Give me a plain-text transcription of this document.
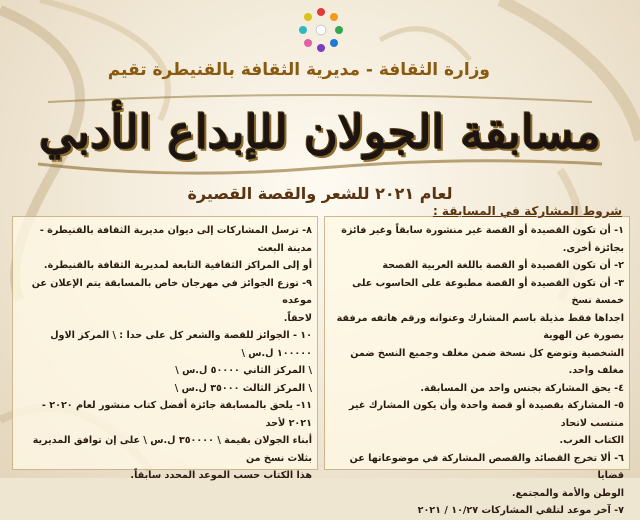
وزارة الثقافة - مديرية الثقافة بالقنيطرة تقيم
مسابقة الجولان للإبداع الأدبي
لعام ٢٠٢١ للشعر والقصة القصيرة
شروط المشاركة في المسابقة :

١- أن تكون القصيدة أو القصة غير منشورة سابقاً وغير فائزة بجائزة أخرى.

٢- أن تكون القصيدة أو القصة باللغة العربية الفصحة

٣- أن تكون القصيدة أو القصة مطبوعة على الحاسوب على خمسة نسخ

اجداها فقط مذيلة باسم المشارك وعنوانه ورقم هاتفه مرفقة بصورة عن الهوية

الشخصية وتوضع كل نسخة ضمن مغلف وجميع النسخ ضمن مغلف واحد.

٤- يحق المشاركة بجنس واحد من المسابقة.

٥- المشاركة بقصيدة أو قصة واحدة وأن يكون المشارك غير منتسب لاتحاد

الكتاب العرب.

٦- ألا تخرج القصائد والقصص المشاركة في موضوعاتها عن قضايا

الوطن والأمة والمجتمع.

٧- آخر موعد لتلقي المشاركات ١٠/٢٧ / ٢٠٢١

٨- ترسل المشاركات إلى ديوان مديرية الثقافة بالقنيطرة - مدينة البعث

أو إلى المراكز الثقافية التابعة لمديرية الثقافة بالقنيطرة.

٩- توزع الجوائز في مهرجان خاص بالمسابقة يتم الإعلان عن موعده

لاحقاً.

١٠ - الجوائز للقصة والشعر كل على حدا : \ المركز الاول ١٠٠٠٠٠ ل.س \

\ المركز الثاني ٥٠٠٠٠ ل.س \

\ المركز الثالث ٣٥٠٠٠ ل.س \

١١- يلحق بالمسابقة جائزة أفضل كتاب منشور لعام ٢٠٢٠ - ٢٠٢١ لأحد

أبناء الجولان بقيمة \ ٣٥٠٠٠٠ ل.س \ على إن توافق المديرية بثلاث نسخ من

هذا الكتاب حسب الموعد المحدد سابقاً.
